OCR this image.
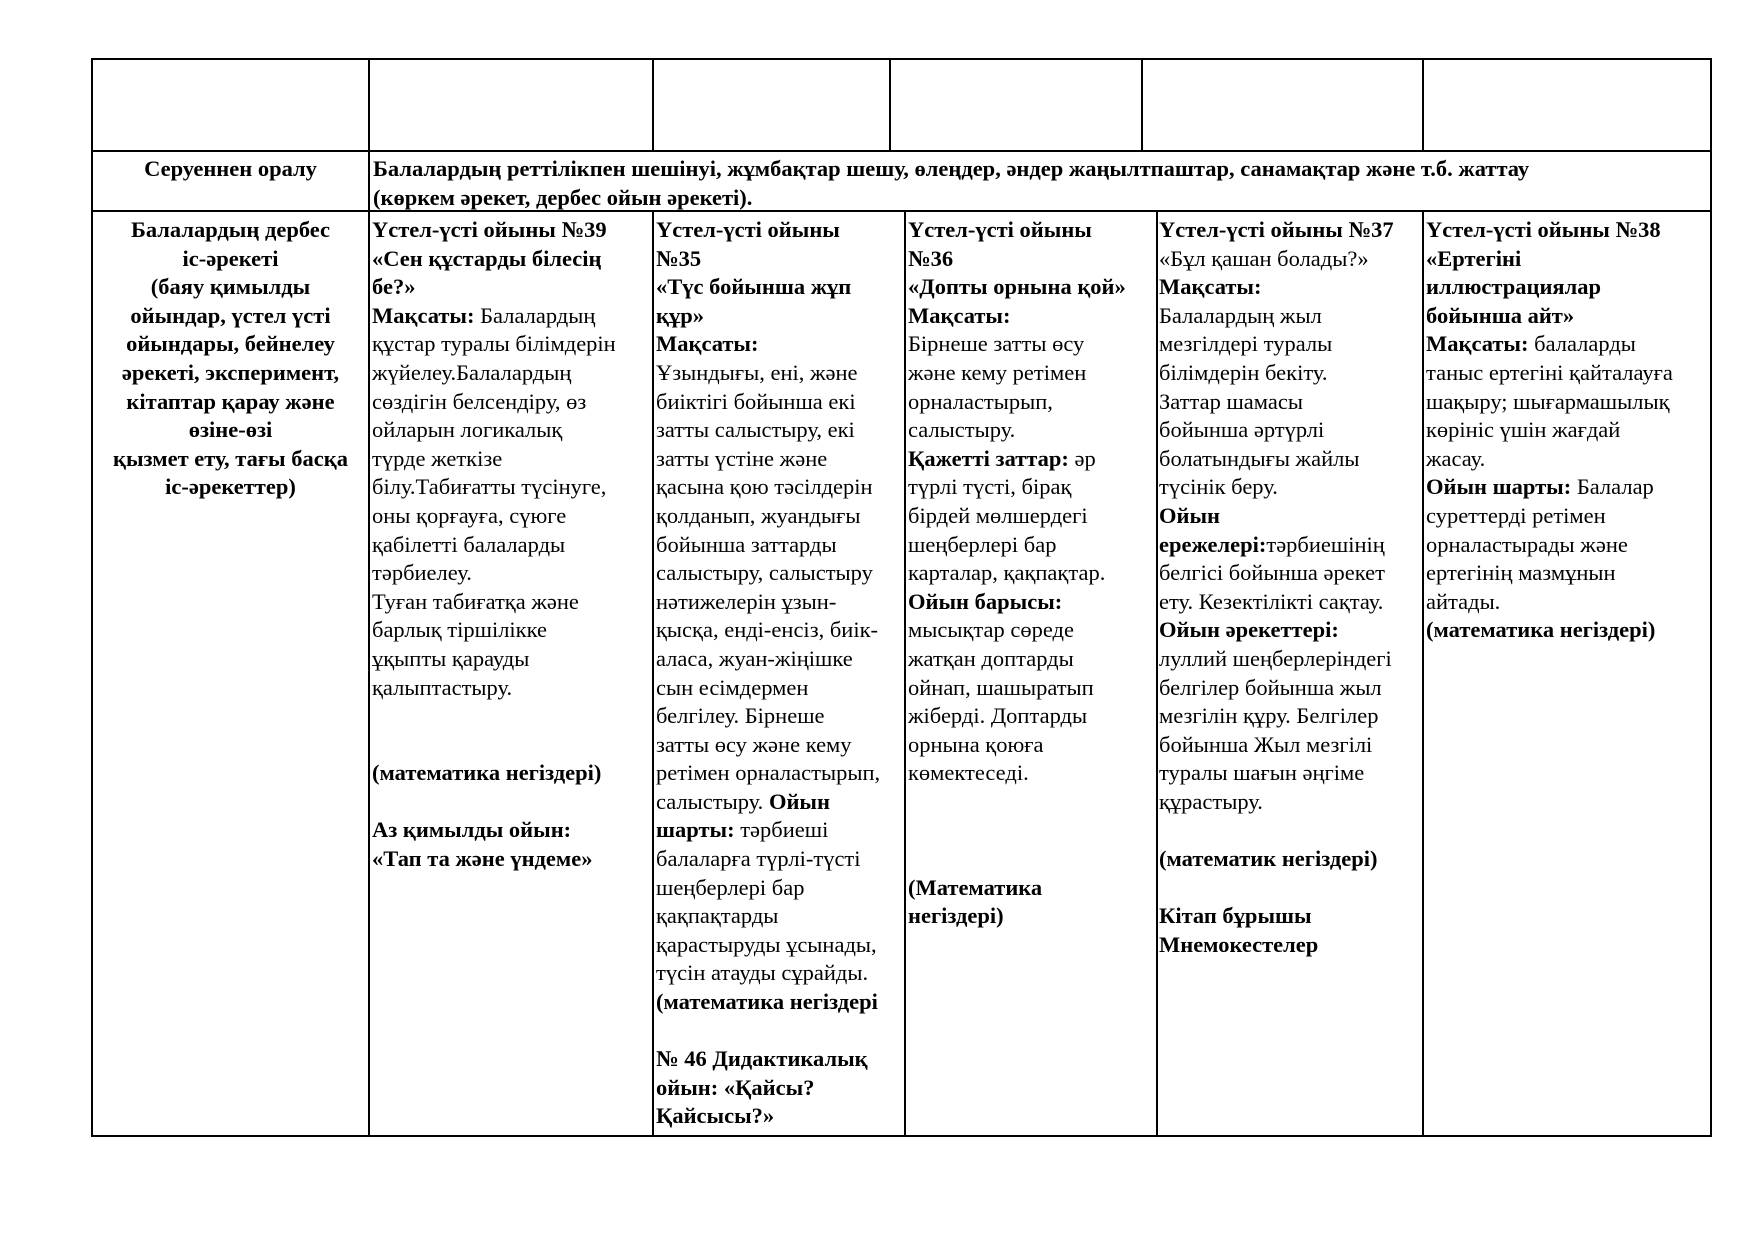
Серуеннен оралу	Балалардың реттілікпен шешінуі, жұмбақтар шешу, өлеңдер, әндер жаңылтпаштар, санамақтар және т.б. жаттау
(көркем әрекет, дербес ойын әрекеті).
Балалардың дербес
іс-әрекеті
(баяу қимылды
ойындар, үстел үсті
ойындары, бейнелеу
әрекеті, эксперимент,
кітаптар қарау және
өзіне-өзі
қызмет ету, тағы басқа
іс-әрекеттер)
Үстел-үсті ойыны №39
«Сен құстарды білесің
бе?»
Мақсаты: Балалардың
құстар туралы білімдерін
жүйелеу.Балалардың
сөздігін белсендіру, өз
ойларын логикалық
түрде жеткізе
білу.Табиғатты түсінуге,
оны қорғауға, сүюге
қабілетті балаларды
тәрбиелеу.
Туған табиғатқа және
барлық тіршілікке
ұқыпты қарауды
қалыптастыру.
(математика негіздері)
Аз қимылды ойын:
«Тап та және үндеме»
Үстел-үсті ойыны
№35
«Түс бойынша жұп
құр»
Мақсаты:
Ұзындығы, ені, және
биіктігі бойынша екі
затты салыстыру, екі
затты үстіне және
қасына қою тәсілдерін
қолданып, жуандығы
бойынша заттарды
салыстыру, салыстыру
нәтижелерін ұзын-
қысқа, енді-енсіз, биік-
аласа, жуан-жіңішке
сын есімдермен
белгілеу. Бірнеше
затты өсу және кему
ретімен орналастырып,
салыстыру. Ойын
шарты: тәрбиеші
балаларға түрлі-түсті
шеңберлері бар
қақпақтарды
қарастыруды ұсынады,
түсін атауды сұрайды.
(математика негіздері
№ 46 Дидактикалық
ойын: «Қайсы?
Қайсысы?»
Үстел-үсті ойыны
№36
«Допты орнына қой»
Мақсаты:
Бірнеше затты өсу
және кему ретімен
орналастырып,
салыстыру.
Қажетті заттар: әр
түрлі түсті, бірақ
бірдей мөлшердегі
шеңберлері бар
карталар, қақпақтар.
Ойын барысы:
мысықтар сөреде
жатқан доптарды
ойнап, шашыратып
жіберді. Доптарды
орнына қоюға
көмектеседі.
(Математика
негіздері)
Үстел-үсті ойыны №37
«Бұл қашан болады?»
Мақсаты:
Балалардың жыл
мезгілдері туралы
білімдерін бекіту.
Заттар шамасы
бойынша әртүрлі
болатындығы жайлы
түсінік беру.
Ойын
ережелері:тәрбиешінің
белгісі бойынша әрекет
ету. Кезектілікті сақтау.
Ойын әрекеттері:
луллий шеңберлеріндегі
белгілер бойынша жыл
мезгілін құру. Белгілер
бойынша Жыл мезгілі
туралы шағын әңгіме
құрастыру.
(математик негіздері)
Кітап бұрышы
Мнемокестелер
Үстел-үсті ойыны №38
«Ертегіні
иллюстрациялар
бойынша айт»
Мақсаты: балаларды
таныс ертегіні қайталауға
шақыру; шығармашылық
көрініс үшін жағдай
жасау.
Ойын шарты: Балалар
суреттерді ретімен
орналастырады және
ертегінің мазмұнын
айтады.
(математика негіздері)
